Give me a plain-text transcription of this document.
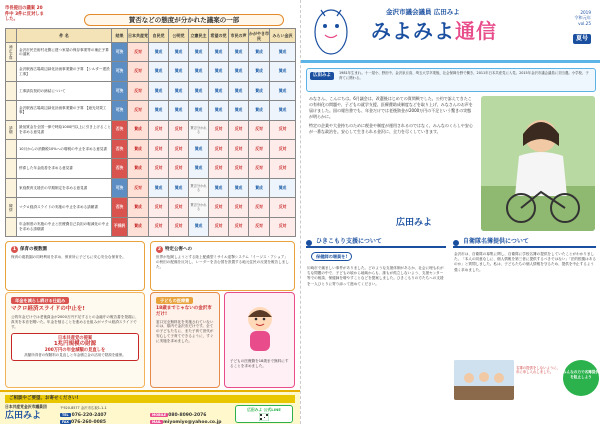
市長提出の議案 20件中 3件に反対しました。	賛否などの態度が分かれた議案の一部
	件 名	結果	日本共産党	自民党	公明党	立憲民主	希望の党	市民の声	かがやき市民	みらい金沢
補正予算	金沢市民芸術村北側に建つ家屋の保存事業等の補正予算の議案	可決	反対	賛成	賛成	賛成	賛成	賛成	賛成	賛成
	金沢駅西広場周辺緑化計画事業費の予算 【シルター建設工事】	可決	反対	賛成	賛成	賛成	賛成	賛成	賛成	賛成
	工事請負契約の締結について	可決	反対	賛成	賛成	賛成	賛成	賛成	賛成	賛成
	金沢駅西広場周辺緑化計画事業費の予算 【遮光効果工事】	可決	反対	賛成	賛成	賛成	賛成	賛成	賛成	賛成
請願	最低賃金を全国一律で時給1000円以上に引き上げることを求める意見書	否決	賛成	反対	反対	賛否分かれる	反対	反対	反対	反対
	10月からの消費税10%への増税の中止を求める意見書	否決	賛成	反対	反対	賛成	反対	反対	反対	反対
	停滞した年金改善を求める意見書	否決	賛成	反対	反対	賛成	反対	反対	反対	反対
	家庭教育支援法の早期制定を求める意見書	可決	反対	賛成	賛成	賛否分かれる	賛成	賛成	賛成	賛成
陳情	マクロ経済スライドの実施の中止を求める請願書	否決	賛成	反対	反対	賛否分かれる	反対	反対	反対	反対
	年金制度の実施の中止と医療費自己負担の軽減化の中止を求める請願書	不採択	賛成	反対	反対	賛成	反対	反対	反対	反対
1 保育の複数園
保育の複数園の同時利用を求め、保育所に子どもに安心安全な保育を。
2 特定公害への
世界が危険しようとする陸上配備型ミサイル迎撃システム「イージス・アショア」の秋田の配備を反対し、レーダーを含む国を設置する地元住民の反発を報告しました。
年金を減らし続ける仕組み
マクロ経済スライドの中止を!
公的年金だけでは老後資金が2000万円不足するとの金融庁の報告書を発端に、真実を本音を聞いた。年金を削ることを進める仕組みがマクロ経済スライドです。
日本共産党の提案
1兆円規模の財源
200万円の年金減額の見直しを
高額所得者の保険料の見直しと年金積立金の活用で財源を確保。
子どもの医療費
18歳までじゃないの金沢市だけ!
窓口完全無料化を実施されていないのは、県内で金沢市だけです。全ての子どもたちに、また子育て世代が安心して子育てできるように、すぐに実施を求めました。
子どもの医療費を18歳まで無料にすることを求めました。
ご相談やご要望、お寄せください!
日本共産党金沢市議員団
広田みよ
〒920-8577 金沢市広坂1-1-1
TEL 076-220-2407
FAX 076-260-0085
MOBILE 080-8090-2076
MAIL miyomiyo@yahoo.co.jp
広田みよ 公式LINE
金沢市議会議員 広田みよ
みよみよ通信
2019
令和元年
vol.25
夏号
広田みよ	1981年生まれ。十一屋小、野田中、金沢泉丘高、埼玉大学卒業後、社会保障分野で働き、2011年日本共産党に入党。2015年金沢市議会議員に初当選。小学校、子育てに関わる。
みなさん、こんにちは。6月議会は、改選後はじめての質問戦でした。公約で訴えてきたこの有料化の問題や、子どもの就学支援、医療費助成制度などを取り上げ、みなさんのお声を届けました。国の報告書でも、年金だけでは老後資金が2000万円の不足という驚きの実態が明らかに。
特定の企業や大金持ちのために税金や制度が運用されるのではなく、みんなのくらしや安心が一番な政治を。安心して生きられる金沢に、全力を尽くしていきます。
広田みよ
ひきこもり支援について
保健師の増員を!
川崎市で痛ましい事件がありました。どのような支援体制があるか、社会に埋もれがちな問題の中で、子どもの頃から地域からも、誰もが孤立しないよう、支援センター等での相談、保健師を増やすことなどを提案しました。ひきこもりの方たちへの支援を一人ひとりに寄り添って進めてください。
自衛隊名簿提供について
金沢市は、自衛隊の募集に関し、自衛隊に学校名簿の提供をしていたことがわかりました。「本人の同意なしに、個人情報を第三者に提供するべきではない」「法的根拠はあるのか」と質問しました。私は、子どもたちの個人情報を守るため、提供を中止するよう強く求めました。
名簿の提供をしないように、市に申し入れしました。	みんなの力で名簿提供を阻止しよう
